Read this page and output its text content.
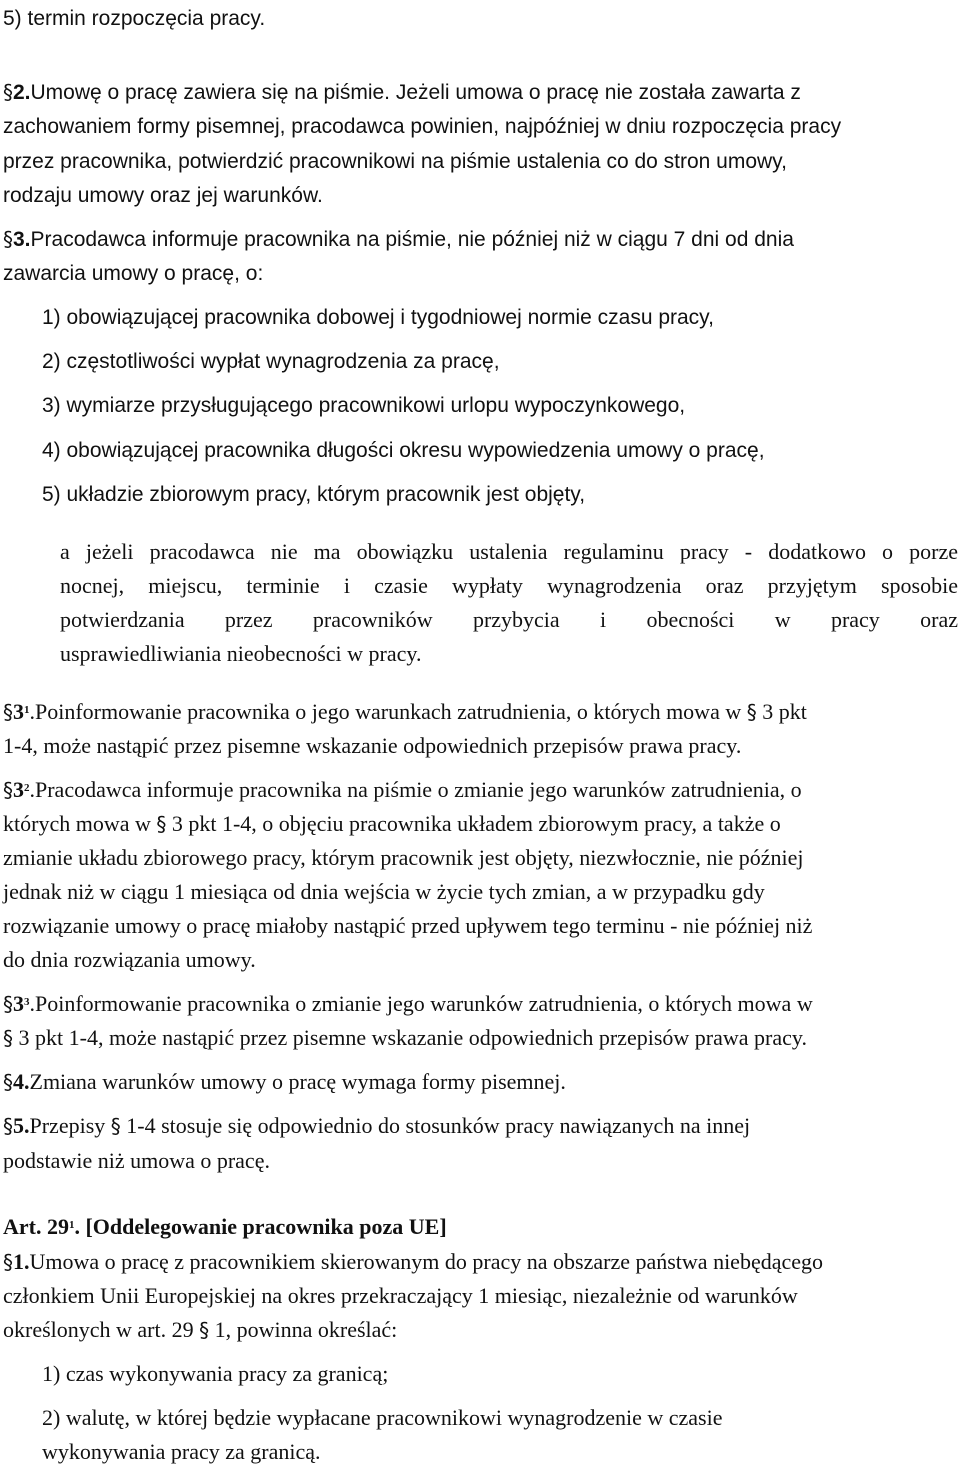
5) termin rozpoczęcia pracy.
§2.Umowę o pracę zawiera się na piśmie. Jeżeli umowa o pracę nie została zawarta z
zachowaniem formy pisemnej, pracodawca powinien, najpóźniej w dniu rozpoczęcia pracy
przez pracownika, potwierdzić pracownikowi na piśmie ustalenia co do stron umowy,
rodzaju umowy oraz jej warunków.
§3.Pracodawca informuje pracownika na piśmie, nie później niż w ciągu 7 dni od dnia
zawarcia umowy o pracę, o:
1) obowiązującej pracownika dobowej i tygodniowej normie czasu pracy,
2) częstotliwości wypłat wynagrodzenia za pracę,
3) wymiarze przysługującego pracownikowi urlopu wypoczynkowego,
4) obowiązującej pracownika długości okresu wypowiedzenia umowy o pracę,
5) układzie zbiorowym pracy, którym pracownik jest objęty,
a jeżeli pracodawca nie ma obowiązku ustalenia regulaminu pracy - dodatkowo o porze
nocnej, miejscu, terminie i czasie wypłaty wynagrodzenia oraz przyjętym sposobie
potwierdzania przez pracowników przybycia i obecności w pracy oraz
usprawiedliwiania nieobecności w pracy.
$\S 3^1.Poinformowanie$ pracownika o jego warunkach zatrudnienia, o których mowa w § 3 pkt
1-4, może nastąpić przez pisemne wskazanie odpowiednich przepisów prawa pracy.
$\S 3^2.Pracodawca$ informuje pracownika na piśmie o zmianie jego warunków zatrudnienia, o
których mowa w § 3 pkt 1-4, o objęciu pracownika układem zbiorowym pracy, a także o
zmianie układu zbiorowego pracy, którym pracownik jest objęty, niezwłocznie, nie później
jednak niż w ciągu 1 miesiąca od dnia wejścia w życie tych zmian, a w przypadku gdy
rozwiązanie umowy o pracę miałoby nastąpić przed upływem tego terminu - nie później niż
do dnia rozwiązania umowy.
$\S 3^3.Poinformowanie$ pracownika o zmianie jego warunków zatrudnienia, o których mowa w
§ 3 pkt 1-4, może nastąpić przez pisemne wskazanie odpowiednich przepisów prawa pracy.
§4.Zmiana warunków umowy o pracę wymaga formy pisemnej.
§5.Przepisy § 1-4 stosuje się odpowiednio do stosunków pracy nawiązanych na innej
podstawie niż umowa o pracę.
Art. $29^1$. [Oddelegowanie pracownika poza UE]
§1.Umowa o pracę z pracownikiem skierowanym do pracy na obszarze państwa niebędącego
członkiem Unii Europejskiej na okres przekraczający 1 miesiąc, niezależnie od warunków
określonych w art. 29 § 1, powinna określać:
1) czas wykonywania pracy za granicą;
2) walutę, w której będzie wypłacane pracownikowi wynagrodzenie w czasie
wykonywania pracy za granicą.
